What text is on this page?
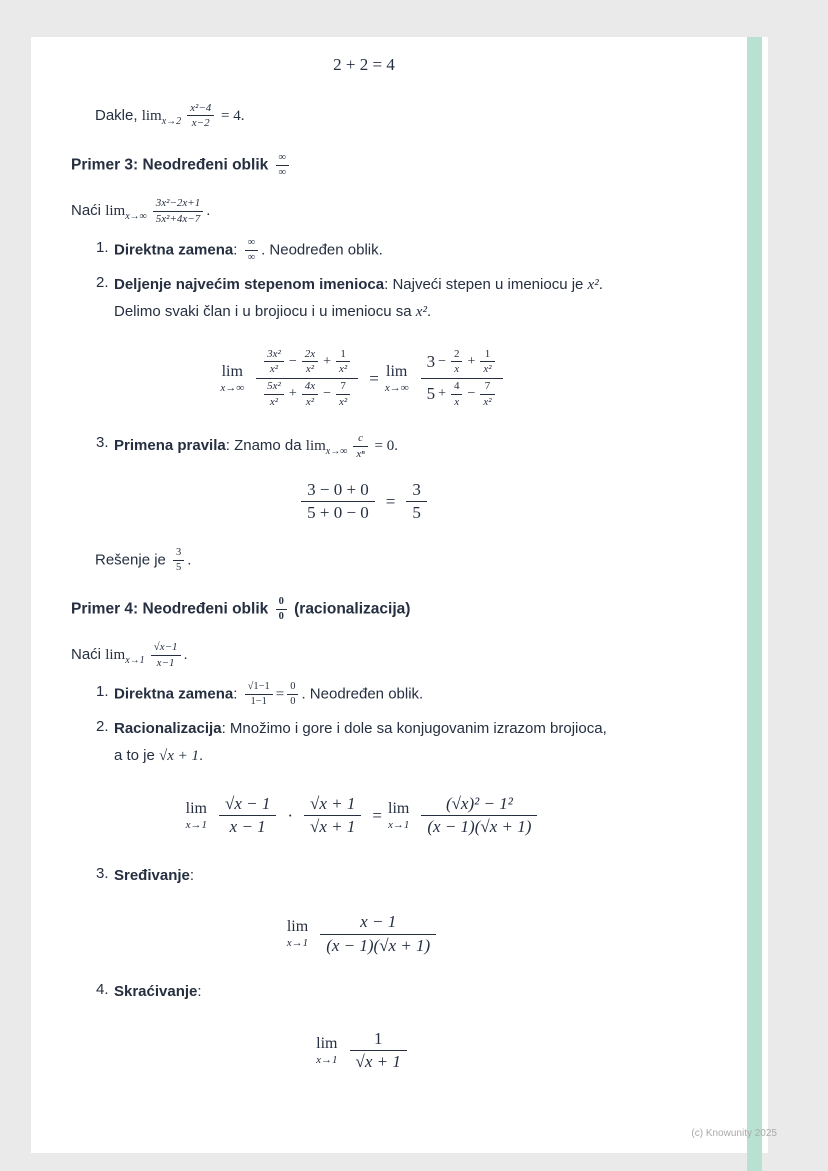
2 + 2 = 4

Dakle, $\lim_{x\to 2} \frac{\text{x²−4}}{x-2} = 4$.

Primer 3: Neodređeni oblik $\frac{\infty}{\infty}$

Naći $\lim_{x\to\infty} \frac{\text{3x²−2x+1}}{\text{5x²+4x−7}}$ .

1. Direktna zamena: $\frac{\infty}{\infty}$ . Neodređen oblik.
2. Deljenje najvećim stepenom imenioca: Najveći stepen u imeniocu je x².
Delimo svaki član i u brojiocu i u imeniocu sa x².
lim
$x\to\infty \frac{\frac{\text{3x²}}{\text{x²}} - \frac{2x}{\text{x²}} + \frac{1}{\text{x²}}}{\frac{\text{5x²}}{\text{x²}} + \frac{4x}{\text{x²}} - \frac{7}{\text{x²}}} = \lim$
$x\to\infty \frac{3 - \frac{2}{x} + \frac{1}{\text{x²}}}{5 + \frac{4}{x} - \frac{7}{\text{x²}}}$
3. Primena pravila: Znamo da $\lim_{x\to\infty} \frac{c}{\text{xⁿ}} = 0$.
$\frac{3 - 0 + 0}{5 + 0 - 0} = \frac{3}{5}$

Rešenje je $\frac{3}{5}$ .

Primer 4: Neodređeni oblik $\frac{0}{0}$ (racionalizacija)

Naći $\lim_{x\to 1} \frac{√x-1}{x-1}$ .

1. Direktna zamena: $\frac{√1-1}{1-1} = \frac{0}{0}$ . Neodređen oblik.
2. Racionalizacija: Množimo i gore i dole sa konjugovanim izrazom brojioca,
a to je √x + 1.
lim
$x\to 1 \frac{√x - 1}{x - 1} \cdot \frac{√x + 1}{√x + 1} = \lim$
$x\to 1 \frac{\text{(√x)² − 1²}}{(x - 1)(√x + 1)}$
3. Sređivanje:
lim
$x\to 1 \frac{x - 1}{(x - 1)(√x + 1)}$
4. Skraćivanje:
lim
$x\to 1 \frac{1}{√x + 1}$
(c) Knowunity 2025
